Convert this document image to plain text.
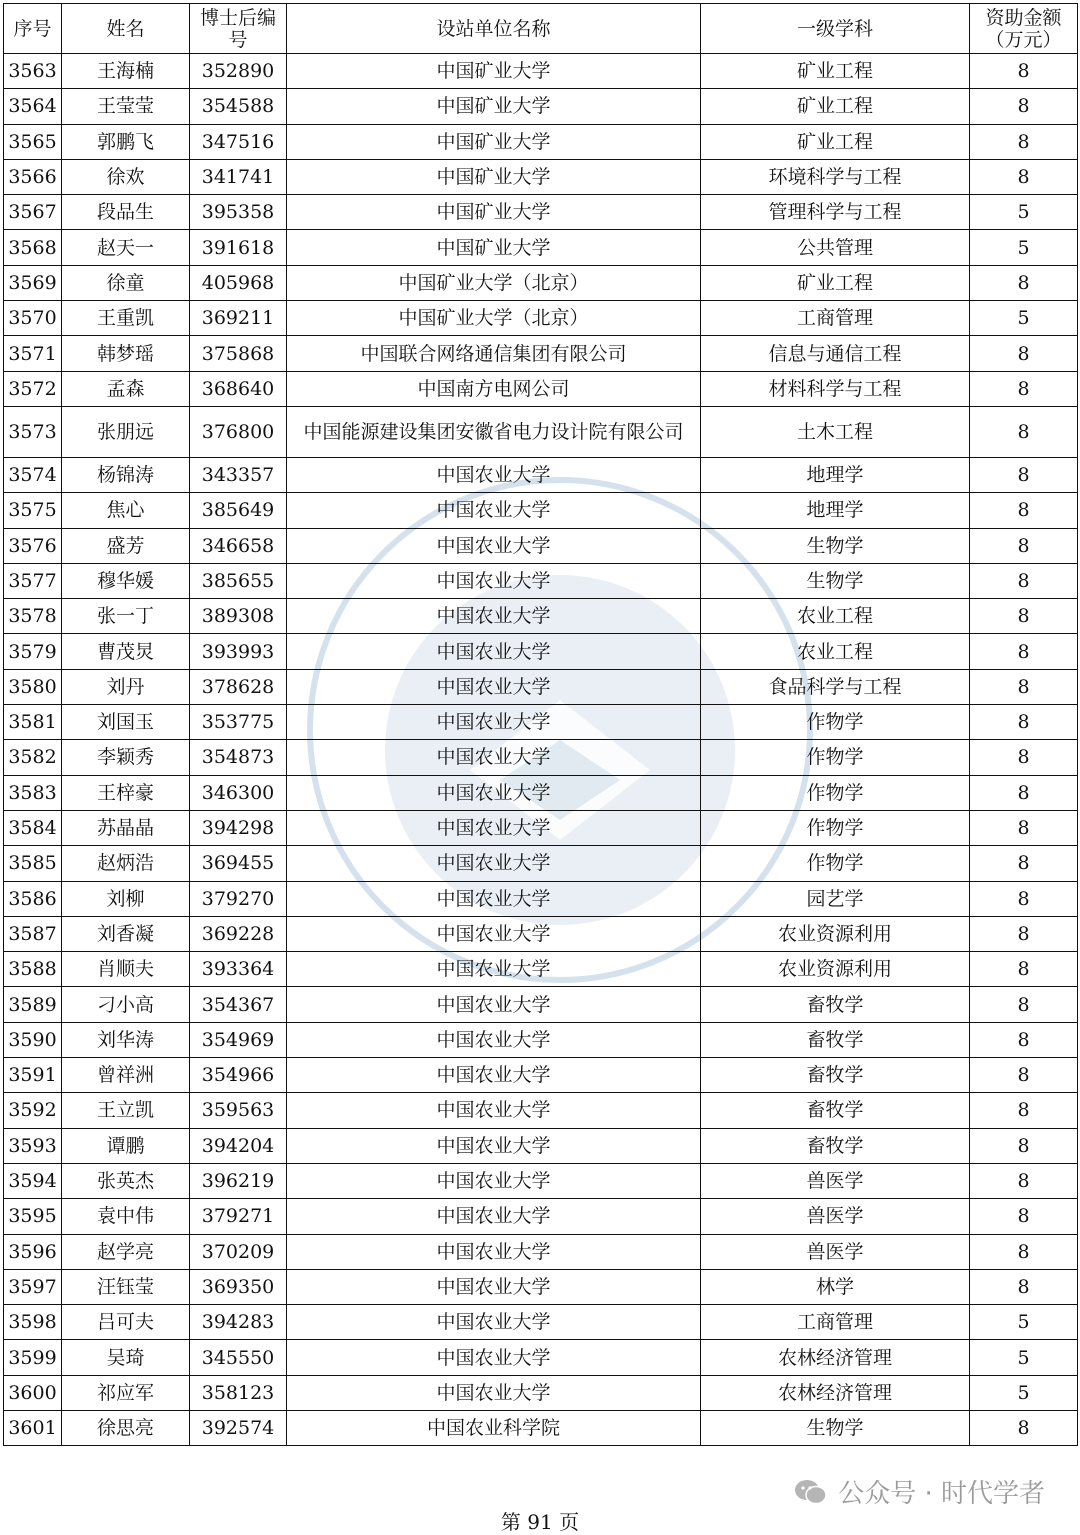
序号	姓名	博士后编号	设站单位名称	一级学科	资助金额（万元）
3563	王海楠	352890	中国矿业大学	矿业工程	8
3564	王莹莹	354588	中国矿业大学	矿业工程	8
3565	郭鹏飞	347516	中国矿业大学	矿业工程	8
3566	徐欢	341741	中国矿业大学	环境科学与工程	8
3567	段品生	395358	中国矿业大学	管理科学与工程	5
3568	赵天一	391618	中国矿业大学	公共管理	5
3569	徐童	405968	中国矿业大学（北京）	矿业工程	8
3570	王重凯	369211	中国矿业大学（北京）	工商管理	5
3571	韩梦瑶	375868	中国联合网络通信集团有限公司	信息与通信工程	8
3572	孟森	368640	中国南方电网公司	材料科学与工程	8
3573	张朋远	376800	中国能源建设集团安徽省电力设计院有限公司	土木工程	8
3574	杨锦涛	343357	中国农业大学	地理学	8
3575	焦心	385649	中国农业大学	地理学	8
3576	盛芳	346658	中国农业大学	生物学	8
3577	穆华媛	385655	中国农业大学	生物学	8
3578	张一丁	389308	中国农业大学	农业工程	8
3579	曹茂炅	393993	中国农业大学	农业工程	8
3580	刘丹	378628	中国农业大学	食品科学与工程	8
3581	刘国玉	353775	中国农业大学	作物学	8
3582	李颖秀	354873	中国农业大学	作物学	8
3583	王梓豪	346300	中国农业大学	作物学	8
3584	苏晶晶	394298	中国农业大学	作物学	8
3585	赵炳浩	369455	中国农业大学	作物学	8
3586	刘柳	379270	中国农业大学	园艺学	8
3587	刘香凝	369228	中国农业大学	农业资源利用	8
3588	肖顺夫	393364	中国农业大学	农业资源利用	8
3589	刁小高	354367	中国农业大学	畜牧学	8
3590	刘华涛	354969	中国农业大学	畜牧学	8
3591	曾祥洲	354966	中国农业大学	畜牧学	8
3592	王立凯	359563	中国农业大学	畜牧学	8
3593	谭鹏	394204	中国农业大学	畜牧学	8
3594	张英杰	396219	中国农业大学	兽医学	8
3595	袁中伟	379271	中国农业大学	兽医学	8
3596	赵学亮	370209	中国农业大学	兽医学	8
3597	汪钰莹	369350	中国农业大学	林学	8
3598	吕可夫	394283	中国农业大学	工商管理	5
3599	吴琦	345550	中国农业大学	农林经济管理	5
3600	祁应军	358123	中国农业大学	农林经济管理	5
3601	徐思亮	392574	中国农业科学院	生物学	8
第 91 页
公众号 · 时代学者
